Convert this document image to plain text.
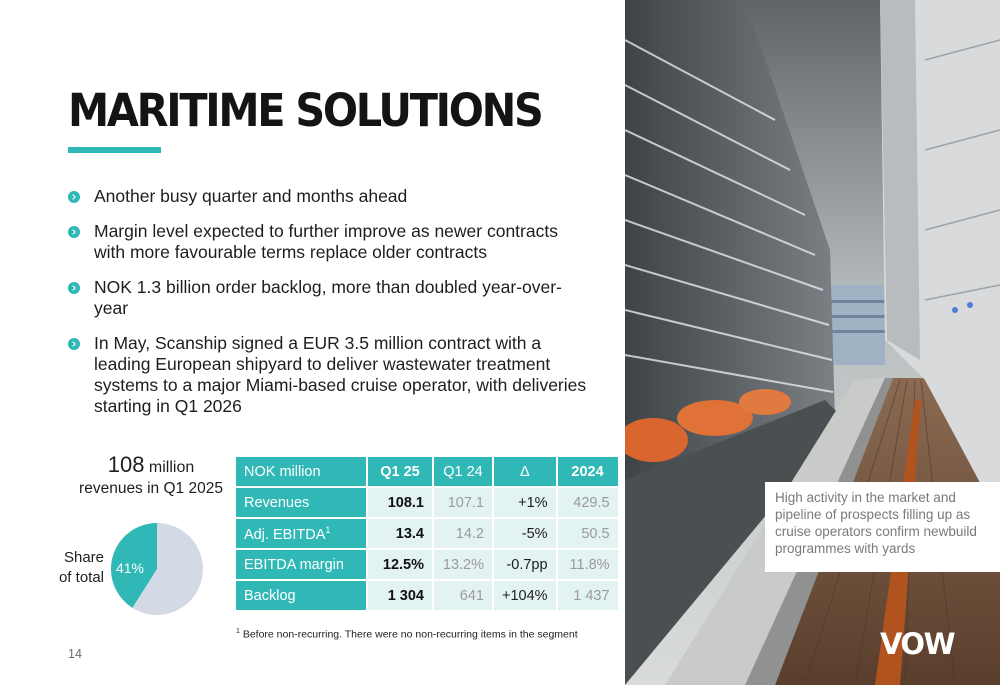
MARITIME SOLUTIONS
Another busy quarter and months ahead
Margin level expected to further improve as newer contracts with more favourable terms replace older contracts
NOK 1.3 billion order backlog, more than doubled year-over-year
In May, Scanship signed a EUR 3.5 million contract with a leading European shipyard to deliver wastewater treatment systems to a major Miami-based cruise operator, with deliveries starting in Q1 2026
108 million
revenues in Q1 2025
Share
of total
41%
NOK million	Q1 25	Q1 24	Δ	2024
Revenues	108.1	107.1	+1%	429.5
Adj. EBITDA$^1$	13.4	14.2	-5%	50.5
EBITDA margin	12.5%	13.2%	-0.7pp	11.8%
Backlog	1 304	641	+104%	1 437
$^1$ Before non-recurring. There were no non-recurring items in the segment
14
High activity in the market and pipeline of prospects filling up as cruise operators confirm newbuild programmes with yards
VOW
